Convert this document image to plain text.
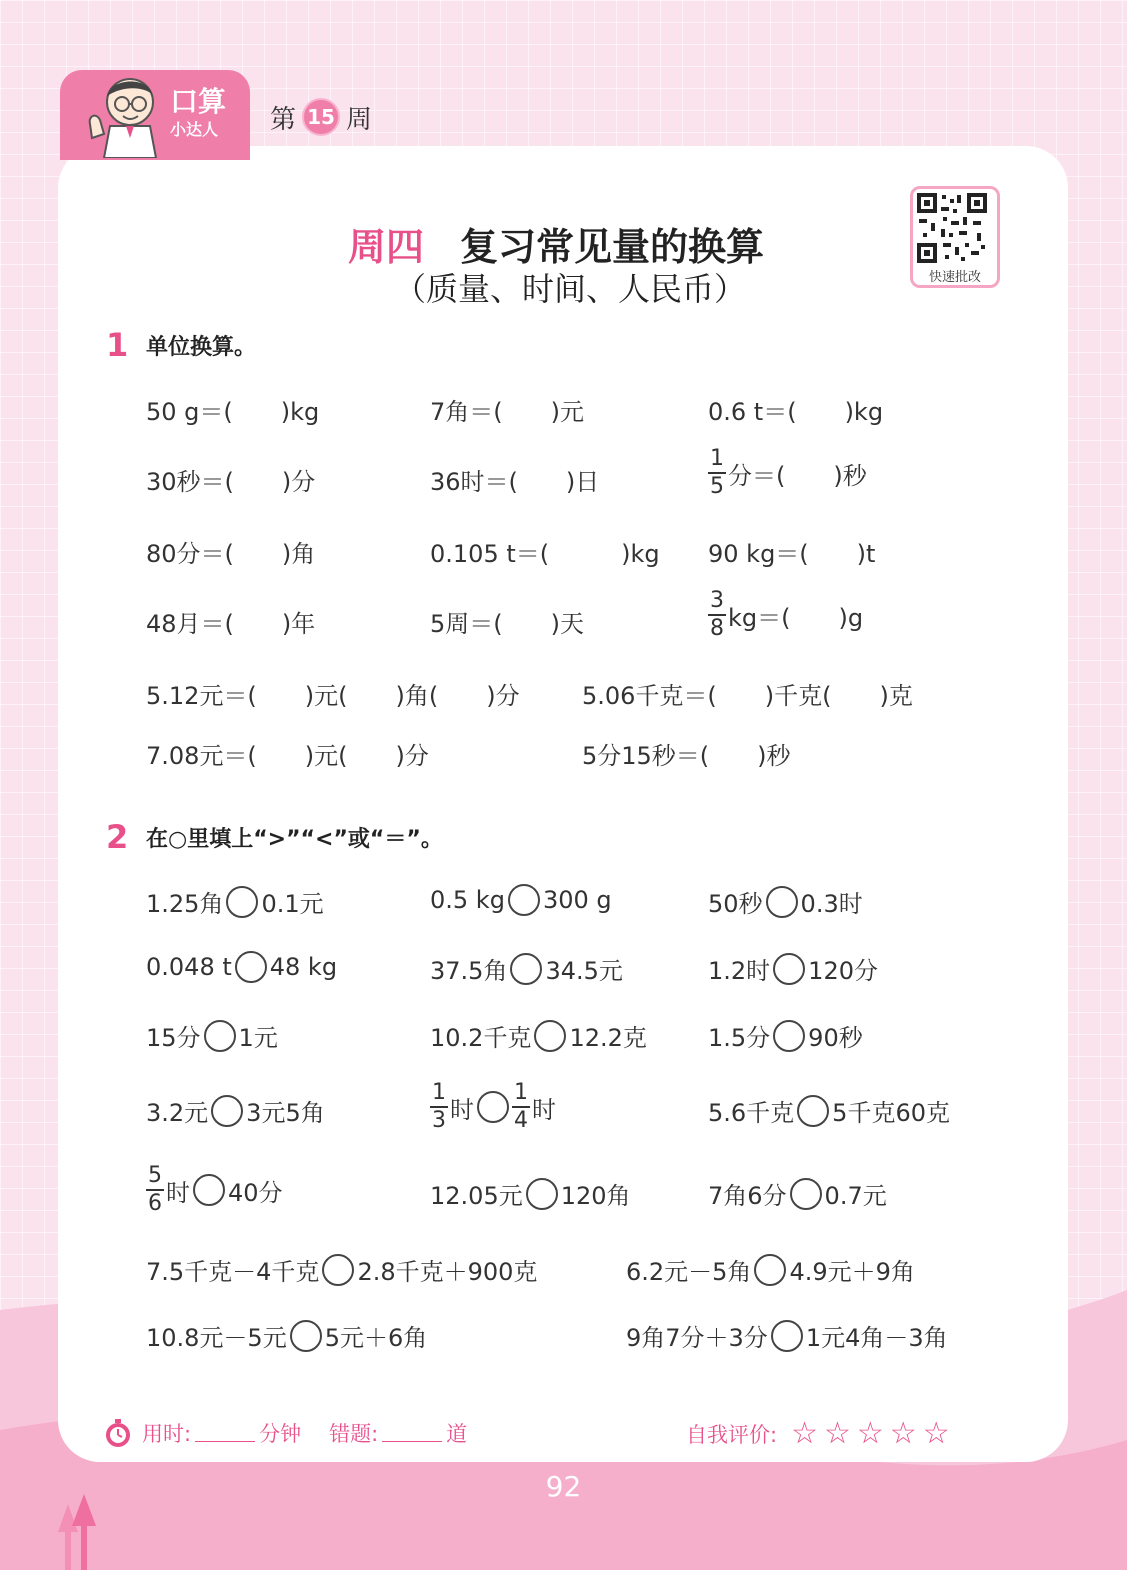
口算
小达人 第 15 周
周四 复习常见量的换算
（质量、时间、人民币）	快速批改
1 单位换算。
50 g＝(　　)kg	7角＝(　　)元	0.6 t＝(　　)kg
30秒＝(　　)分	36时＝(　　)日	$\frac{1}{5}$ 分＝(　　)秒
80分＝(　　)角	0.105 t＝(　　　)kg 90 kg＝(　　)t
48月＝(　　)年	5周＝(　　)天	$\frac{3}{8} kg=$(　　)g
5.12元＝(　　)元(　　)角(　　)分	5.06千克＝(　　)千克(　　)克
7.08元＝(　　)元(　　)分	5分15秒＝(　　)秒
2 在○里填上“>”“<”或“＝”。
1.25角 0.1元	0.5 kg 300 g	50秒 0.3时
0.048 t 48 kg	37.5角 34.5元	1.2时 120分
15分 1元	10.2千克 12.2克	1.5分 90秒
3.2元 3元5角	$\frac{1}{3}$ 时 $\frac{1}{4}$ 时	5.6千克 5千克60克
$\frac{5}{6}$ 时 40分	12.05元 120角	7角6分 0.7元
7.5千克－4千克 2.8千克＋900克	6.2元－5角 4.9元＋9角
10.8元－5元 5元＋6角	9角7分＋3分 1元4角－3角
用时:	分钟 错题:	道	自我评价: ☆ ☆ ☆ ☆ ☆
92
